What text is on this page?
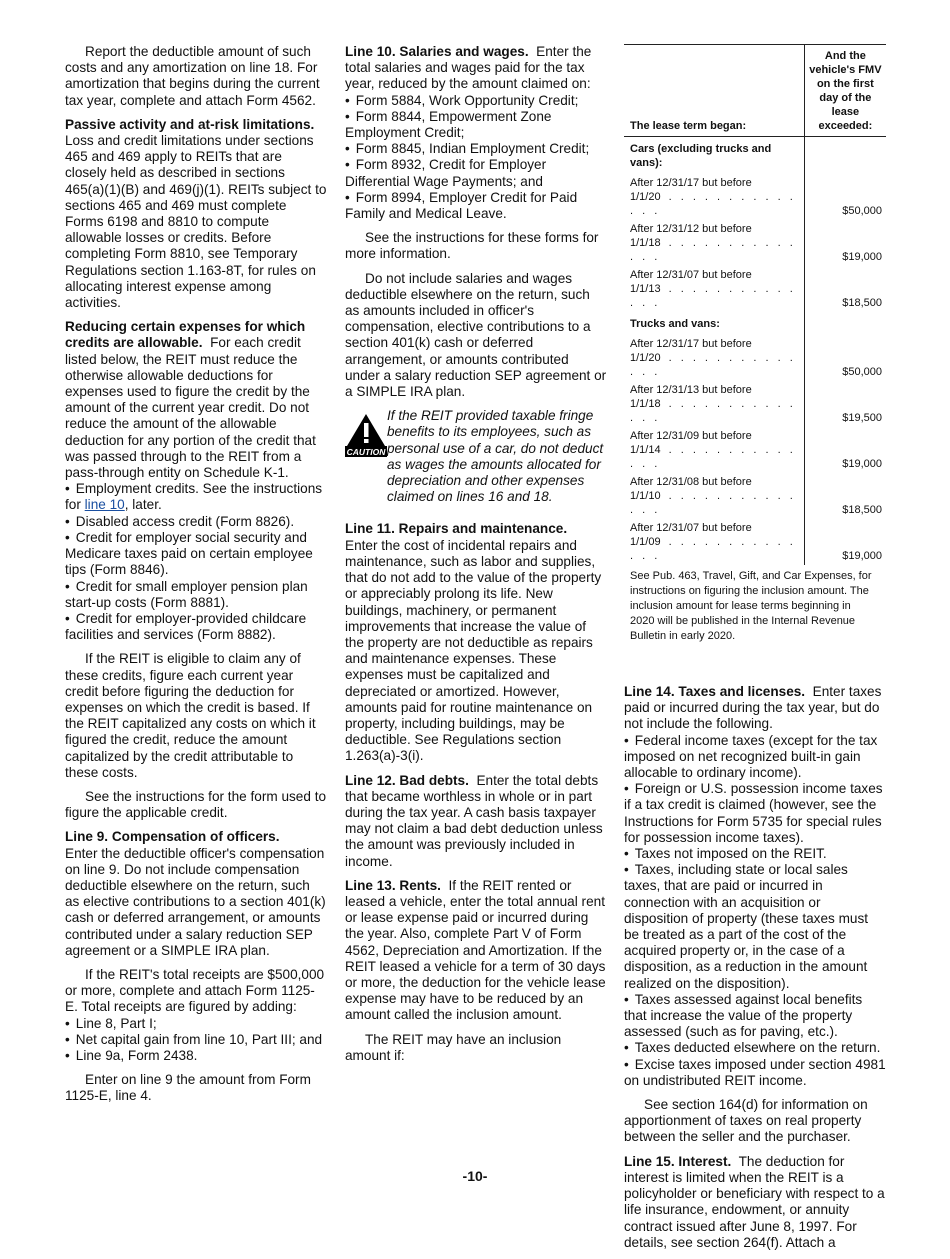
Report the deductible amount of such costs and any amortization on line 18. For amortization that begins during the current tax year, complete and attach Form 4562.

Passive activity and at-risk limitations. Loss and credit limitations under sections 465 and 469 apply to REITs that are closely held as described in sections 465(a)(1)(B) and 469(j)(1). REITs subject to sections 465 and 469 must complete Forms 6198 and 8810 to compute allowable losses or credits. Before completing Form 8810, see Temporary Regulations section 1.163-8T, for rules on allocating interest expense among activities.

Reducing certain expenses for which credits are allowable. For each credit listed below, the REIT must reduce the otherwise allowable deductions for expenses used to figure the credit by the amount of the current year credit. Do not reduce the amount of the allowable deduction for any portion of the credit that was passed through to the REIT from a pass-through entity on Schedule K-1.

• Employment credits. See the instructions for line 10, later.
• Disabled access credit (Form 8826).
• Credit for employer social security and Medicare taxes paid on certain employee tips (Form 8846).
• Credit for small employer pension plan start-up costs (Form 8881).
• Credit for employer-provided childcare facilities and services (Form 8882).

If the REIT is eligible to claim any of these credits, figure each current year credit before figuring the deduction for expenses on which the credit is based. If the REIT capitalized any costs on which it figured the credit, reduce the amount capitalized by the credit attributable to these costs.

See the instructions for the form used to figure the applicable credit.

Line 9. Compensation of officers.
Enter the deductible officer's compensation on line 9. Do not include compensation deductible elsewhere on the return, such as elective contributions to a section 401(k) cash or deferred arrangement, or amounts contributed under a salary reduction SEP agreement or a SIMPLE IRA plan.

If the REIT's total receipts are $500,000 or more, complete and attach Form 1125-E. Total receipts are figured by adding:

• Line 8, Part I;
• Net capital gain from line 10, Part III; and
• Line 9a, Form 2438.

Enter on line 9 the amount from Form 1125-E, line 4.

Line 10. Salaries and wages. Enter the total salaries and wages paid for the tax year, reduced by the amount claimed on:

• Form 5884, Work Opportunity Credit;
• Form 8844, Empowerment Zone Employment Credit;
• Form 8845, Indian Employment Credit;
• Form 8932, Credit for Employer Differential Wage Payments; and
• Form 8994, Employer Credit for Paid Family and Medical Leave.

See the instructions for these forms for more information.

Do not include salaries and wages deductible elsewhere on the return, such as amounts included in officer's compensation, elective contributions to a section 401(k) cash or deferred arrangement, or amounts contributed under a salary reduction SEP agreement or a SIMPLE IRA plan.

CAUTION
If the REIT provided taxable fringe benefits to its employees, such as personal use of a car, do not deduct as wages the amounts allocated for depreciation and other expenses claimed on lines 16 and 18.

Line 11. Repairs and maintenance.
Enter the cost of incidental repairs and maintenance, such as labor and supplies, that do not add to the value of the property or appreciably prolong its life. New buildings, machinery, or permanent improvements that increase the value of the property are not deductible as repairs and maintenance expenses. These expenses must be capitalized and depreciated or amortized. However, amounts paid for routine maintenance on property, including buildings, may be deductible. See Regulations section 1.263(a)-3(i).

Line 12. Bad debts. Enter the total debts that became worthless in whole or in part during the tax year. A cash basis taxpayer may not claim a bad debt deduction unless the amount was previously included in income.

Line 13. Rents. If the REIT rented or leased a vehicle, enter the total annual rent or lease expense paid or incurred during the year. Also, complete Part V of Form 4562, Depreciation and Amortization. If the REIT leased a vehicle for a term of 30 days or more, the deduction for the vehicle lease expense may have to be reduced by an amount called the inclusion amount.

The REIT may have an inclusion amount if:

The lease term began:	And the vehicle's FMV on the first day of the lease exceeded:
Cars (excluding trucks and vans):	
After 12/31/17 but before
1/1/20 . . . . . . . . . . . . . .	$50,000
After 12/31/12 but before
1/1/18 . . . . . . . . . . . . . .	$19,000
After 12/31/07 but before
1/1/13 . . . . . . . . . . . . . .	$18,500
Trucks and vans:	
After 12/31/17 but before
1/1/20 . . . . . . . . . . . . . .	$50,000
After 12/31/13 but before
1/1/18 . . . . . . . . . . . . . .	$19,500
After 12/31/09 but before
1/1/14 . . . . . . . . . . . . . .	$19,000
After 12/31/08 but before
1/1/10 . . . . . . . . . . . . . .	$18,500
After 12/31/07 but before
1/1/09 . . . . . . . . . . . . . .	$19,000
See Pub. 463, Travel, Gift, and Car Expenses, for instructions on figuring the inclusion amount. The inclusion amount for lease terms beginning in 2020 will be published in the Internal Revenue Bulletin in early 2020.

Line 14. Taxes and licenses. Enter taxes paid or incurred during the tax year, but do not include the following.

• Federal income taxes (except for the tax imposed on net recognized built-in gain allocable to ordinary income).
• Foreign or U.S. possession income taxes if a tax credit is claimed (however, see the Instructions for Form 5735 for special rules for possession income taxes).
• Taxes not imposed on the REIT.
• Taxes, including state or local sales taxes, that are paid or incurred in connection with an acquisition or disposition of property (these taxes must be treated as a part of the cost of the acquired property or, in the case of a disposition, as a reduction in the amount realized on the disposition).
• Taxes assessed against local benefits that increase the value of the property assessed (such as for paving, etc.).
• Taxes deducted elsewhere on the return.
• Excise taxes imposed under section 4981 on undistributed REIT income.

See section 164(d) for information on apportionment of taxes on real property between the seller and the purchaser.

Line 15. Interest. The deduction for interest is limited when the REIT is a policyholder or beneficiary with respect to a life insurance, endowment, or annuity contract issued after June 8, 1997. For details, see section 264(f). Attach a

-10-
